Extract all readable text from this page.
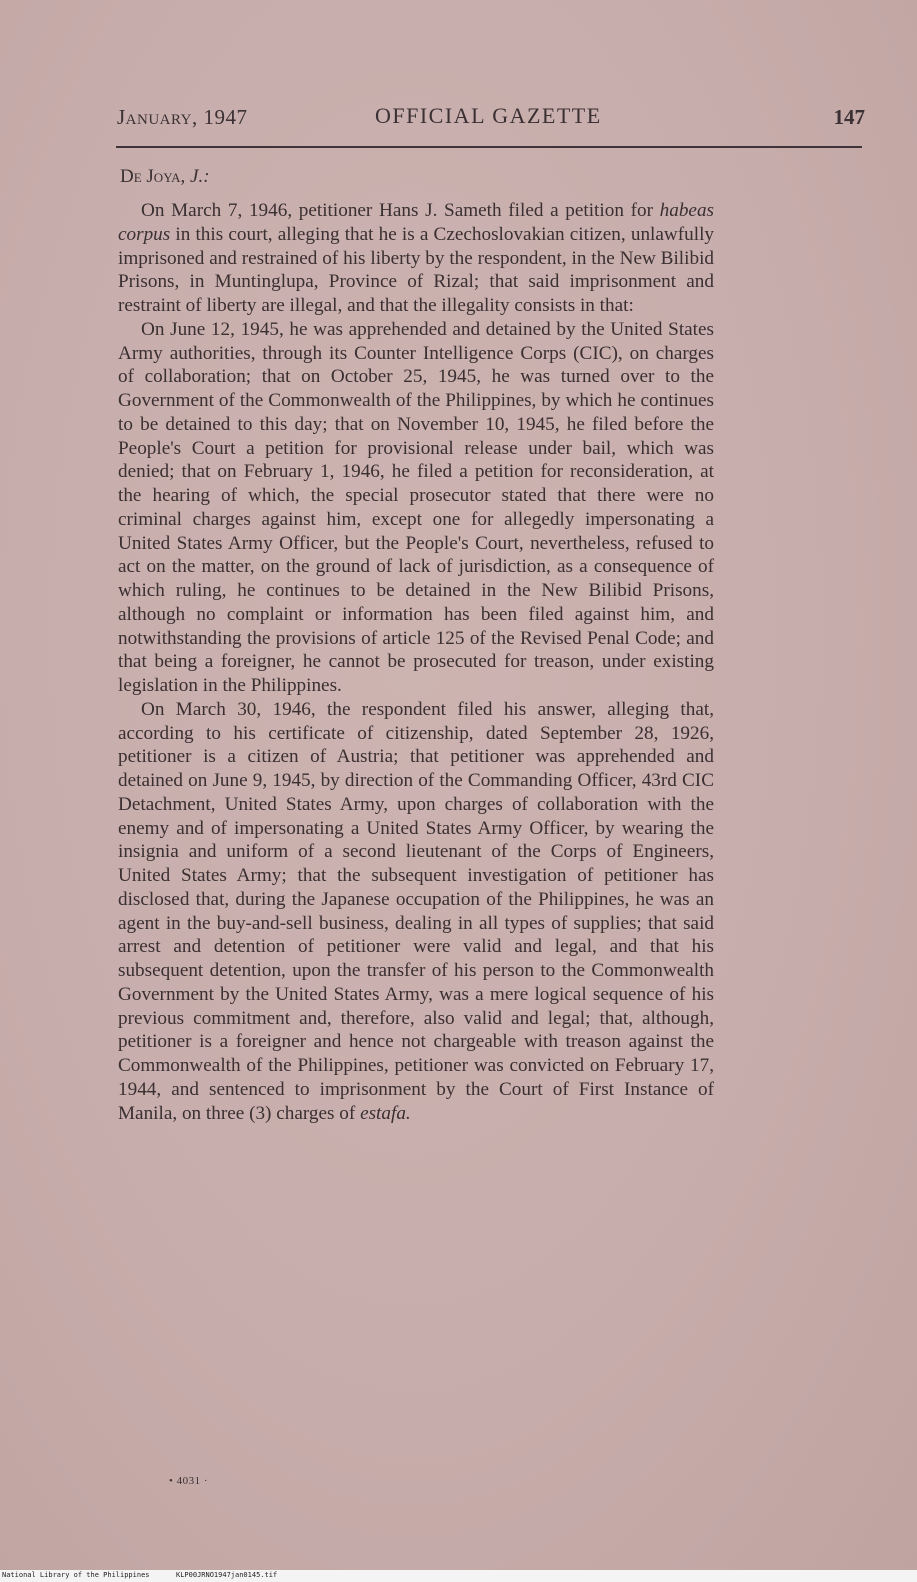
January, 1947	OFFICIAL GAZETTE	147
De Joya, J.:

On March 7, 1946, petitioner Hans J. Sameth filed a petition for habeas corpus in this court, alleging that he is a Czechoslovakian citizen, unlawfully imprisoned and restrained of his liberty by the respondent, in the New Bilibid Prisons, in Muntinglupa, Province of Rizal; that said imprisonment and restraint of liberty are illegal, and that the illegality consists in that:

On June 12, 1945, he was apprehended and detained by the United States Army authorities, through its Counter Intelligence Corps (CIC), on charges of collaboration; that on October 25, 1945, he was turned over to the Government of the Commonwealth of the Philippines, by which he continues to be detained to this day; that on November 10, 1945, he filed before the People's Court a petition for provisional release under bail, which was denied; that on February 1, 1946, he filed a petition for reconsideration, at the hearing of which, the special prosecutor stated that there were no criminal charges against him, except one for allegedly impersonating a United States Army Officer, but the People's Court, nevertheless, refused to act on the matter, on the ground of lack of jurisdiction, as a consequence of which ruling, he continues to be detained in the New Bilibid Prisons, although no complaint or information has been filed against him, and notwithstanding the provisions of article 125 of the Revised Penal Code; and that being a foreigner, he cannot be prosecuted for treason, under existing legislation in the Philippines.

On March 30, 1946, the respondent filed his answer, alleging that, according to his certificate of citizenship, dated September 28, 1926, petitioner is a citizen of Austria; that petitioner was apprehended and detained on June 9, 1945, by direction of the Commanding Officer, 43rd CIC Detachment, United States Army, upon charges of collaboration with the enemy and of impersonating a United States Army Officer, by wearing the insignia and uniform of a second lieutenant of the Corps of Engineers, United States Army; that the subsequent investigation of petitioner has disclosed that, during the Japanese occupation of the Philippines, he was an agent in the buy-and-sell business, dealing in all types of supplies; that said arrest and detention of petitioner were valid and legal, and that his subsequent detention, upon the transfer of his person to the Commonwealth Government by the United States Army, was a mere logical sequence of his previous commitment and, therefore, also valid and legal; that, although, petitioner is a foreigner and hence not chargeable with treason against the Commonwealth of the Philippines, petitioner was convicted on February 17, 1944, and sentenced to imprisonment by the Court of First Instance of Manila, on three (3) charges of estafa.

• 4031 ·
National Library of the Philippines	KLP00JRNO1947jan0145.tif
